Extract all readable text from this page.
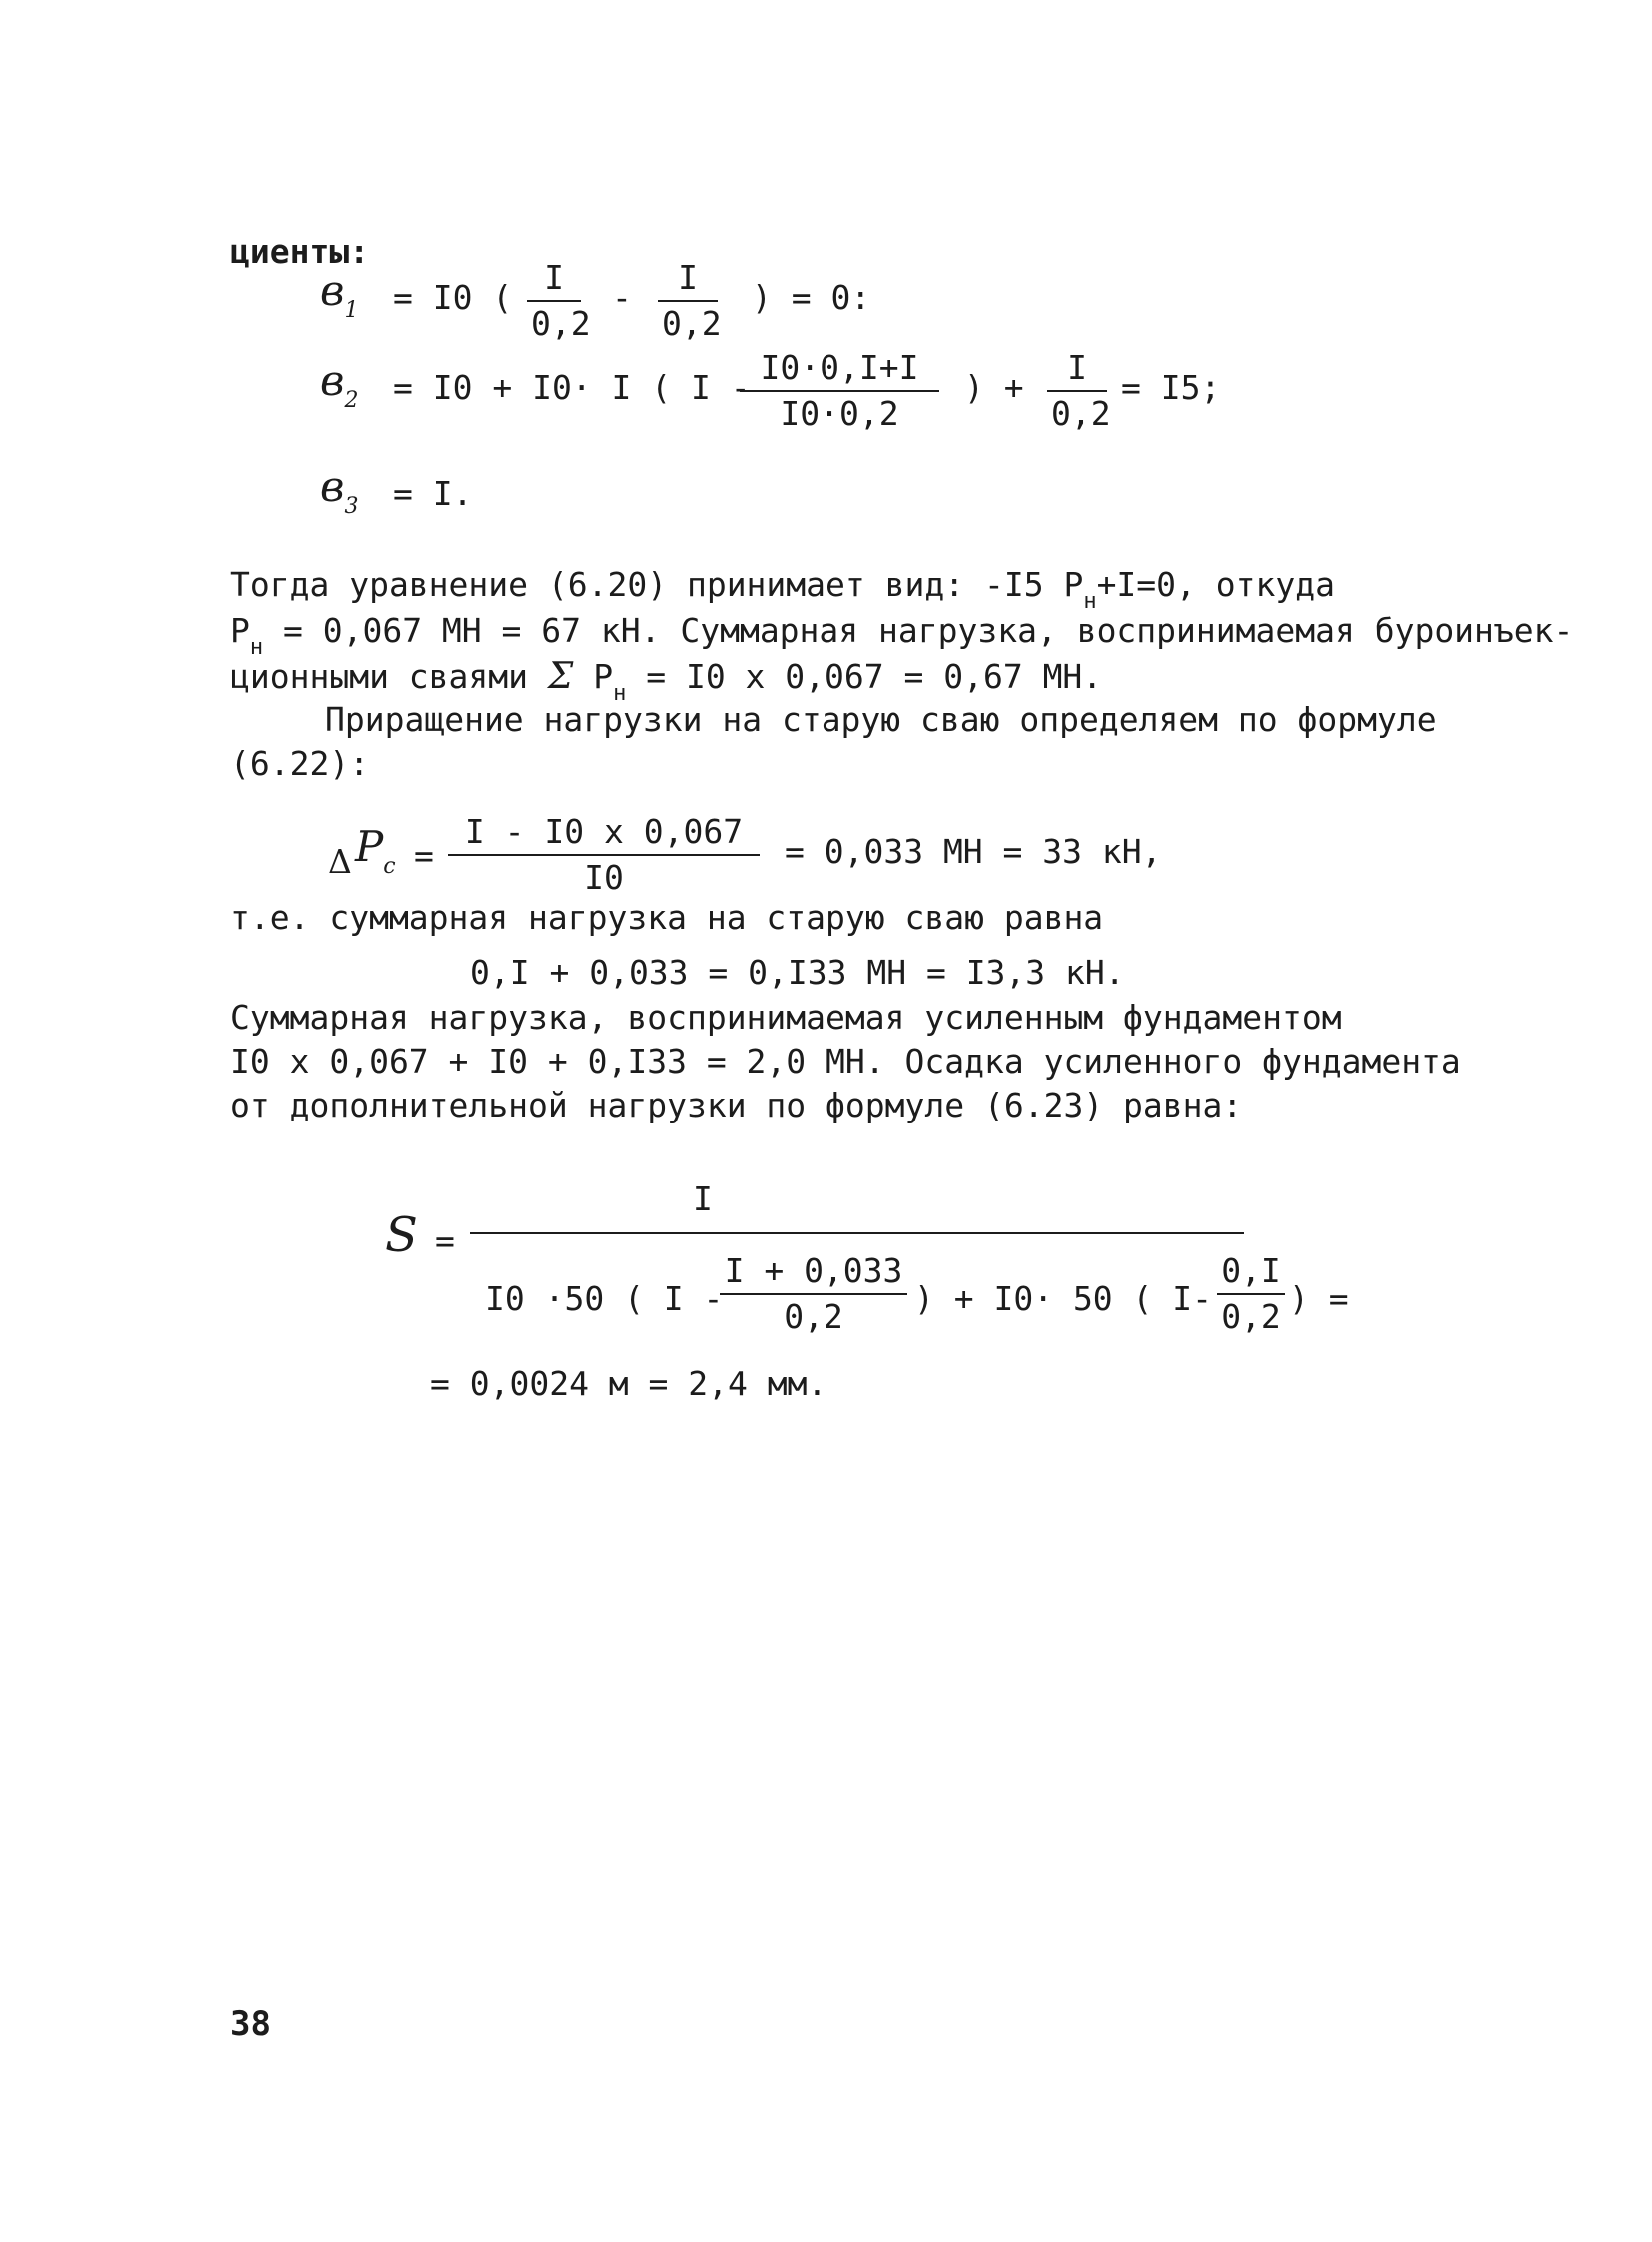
циенты:
$в_1 = I0$ (
I
0,2
-
I
0,2
) = 0:
$в_2 = I0 + I0\cdot I$ ( I -
I0·0,I+I
I0·0,2
) +
I
0,2
= I5;
$в_3 = I$.
Тогда уравнение (6.20) принимает вид: -I5 $P_н+I=0$, откуда
$P_н = 0,067$ МН = 67 кН. Суммарная нагрузка, воспринимаемая буроинъек-
ционными сваями Σ $P_н = I0$ x 0,067 = 0,67 МН.
Приращение нагрузки на старую сваю определяем по формуле
(6.22):
Δ $P_c$ =
I - I0 x 0,067
I0
= 0,033 МН = 33 кН,
т.е. суммарная нагрузка на старую сваю равна
0,I + 0,033 = 0,I33 МН = I3,3 кН.
Суммарная нагрузка, воспринимаемая усиленным фундаментом
I0 x 0,067 + I0 + 0,I33 = 2,0 МН. Осадка усиленного фундамента
от дополнительной нагрузки по формуле (6.23) равна:
S =
I
I0 ·50 ( I -
I + 0,033
0,2	) + I0· 50 ( I-
0,I
0,2 ) =
= 0,0024 м = 2,4 мм.
38
